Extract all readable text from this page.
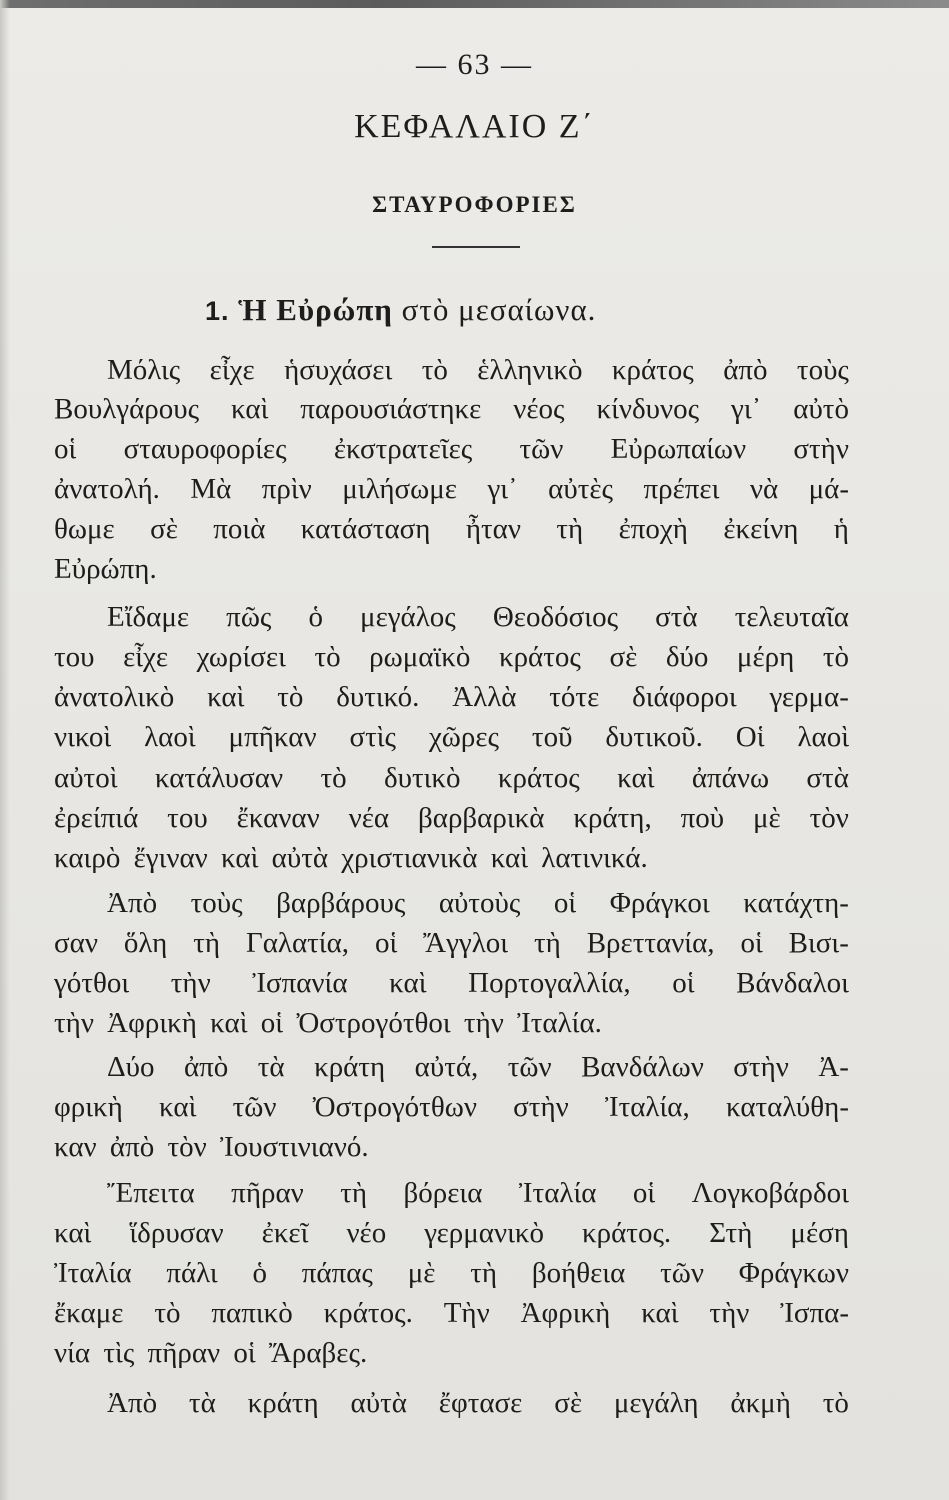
— 63 —
ΚΕΦΑΛΑΙΟ Ζ΄
ΣΤΑΥΡΟΦΟΡΙΕΣ
1. Ἡ Εὐρώπη στὸ μεσαίωνα.
Μόλις εἶχε ἡσυχάσει τὸ ἑλληνικὸ κράτος ἀπὸ τοὺς
Βουλγάρους καὶ παρουσιάστηκε νέος κίνδυνος γι᾽ αὐτὸ
οἱ σταυροφορίες ἐκστρατεῖες τῶν Εὐρωπαίων στὴν
ἀνατολή. Μὰ πρὶν μιλήσωμε γι᾽ αὐτὲς πρέπει νὰ μά-
θωμε σὲ ποιὰ κατάσταση ἦταν τὴ ἐποχὴ ἐκείνη ἡ
Εὐρώπη.
Εἴδαμε πῶς ὁ μεγάλος Θεοδόσιος στὰ τελευταῖα
του εἶχε χωρίσει τὸ ρωμαϊκὸ κράτος σὲ δύο μέρη τὸ
ἀνατολικὸ καὶ τὸ δυτικό. Ἀλλὰ τότε διάφοροι γερμα-
νικοὶ λαοὶ μπῆκαν στὶς χῶρες τοῦ δυτικοῦ. Οἱ λαοὶ
αὐτοὶ κατάλυσαν τὸ δυτικὸ κράτος καὶ ἀπάνω στὰ
ἐρείπιά του ἔκαναν νέα βαρβαρικὰ κράτη, ποὺ μὲ τὸν
καιρὸ ἔγιναν καὶ αὐτὰ χριστιανικὰ καὶ λατινικά.
Ἀπὸ τοὺς βαρβάρους αὐτοὺς οἱ Φράγκοι κατάχτη-
σαν ὅλη τὴ Γαλατία, οἱ Ἄγγλοι τὴ Βρεττανία, οἱ Βισι-
γότθοι τὴν Ἰσπανία καὶ Πορτογαλλία, οἱ Βάνδαλοι
τὴν Ἀφρικὴ καὶ οἱ Ὀστρογότθοι τὴν Ἰταλία.
Δύο ἀπὸ τὰ κράτη αὐτά, τῶν Βανδάλων στὴν Ἀ-
φρικὴ καὶ τῶν Ὀστρογότθων στὴν Ἰταλία, καταλύθη-
καν ἀπὸ τὸν Ἰουστινιανό.
Ἔπειτα πῆραν τὴ βόρεια Ἰταλία οἱ Λογκοβάρδοι
καὶ ἵδρυσαν ἐκεῖ νέο γερμανικὸ κράτος. Στὴ μέση
Ἰταλία πάλι ὁ πάπας μὲ τὴ βοήθεια τῶν Φράγκων
ἔκαμε τὸ παπικὸ κράτος. Τὴν Ἀφρικὴ καὶ τὴν Ἰσπα-
νία τὶς πῆραν οἱ Ἄραβες.
Ἀπὸ τὰ κράτη αὐτὰ ἔφτασε σὲ μεγάλη ἀκμὴ τὸ
